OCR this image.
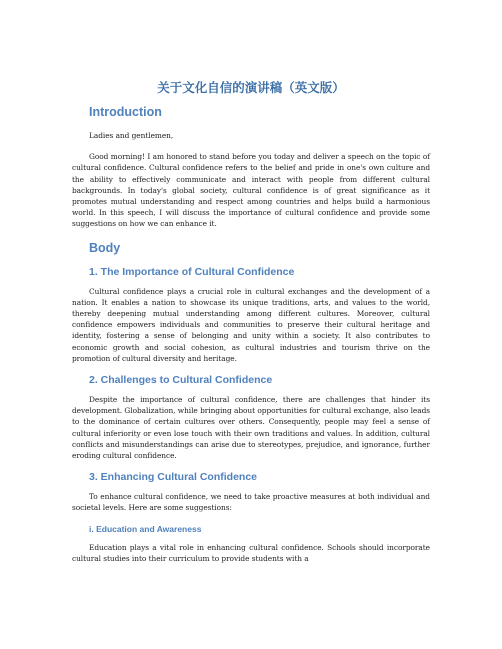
关于文化自信的演讲稿（英文版）
Introduction

Ladies and gentlemen,

Good morning! I am honored to stand before you today and deliver a speech on the topic of cultural confidence. Cultural confidence refers to the belief and pride in one's own culture and the ability to effectively communicate and interact with people from different cultural backgrounds. In today's global society, cultural confidence is of great significance as it promotes mutual understanding and respect among countries and helps build a harmonious world. In this speech, I will discuss the importance of cultural confidence and provide some suggestions on how we can enhance it.

Body
1. The Importance of Cultural Confidence

Cultural confidence plays a crucial role in cultural exchanges and the development of a nation. It enables a nation to showcase its unique traditions, arts, and values to the world, thereby deepening mutual understanding among different cultures. Moreover, cultural confidence empowers individuals and communities to preserve their cultural heritage and identity, fostering a sense of belonging and unity within a society. It also contributes to economic growth and social cohesion, as cultural industries and tourism thrive on the promotion of cultural diversity and heritage.

2. Challenges to Cultural Confidence

Despite the importance of cultural confidence, there are challenges that hinder its development. Globalization, while bringing about opportunities for cultural exchange, also leads to the dominance of certain cultures over others. Consequently, people may feel a sense of cultural inferiority or even lose touch with their own traditions and values. In addition, cultural conflicts and misunderstandings can arise due to stereotypes, prejudice, and ignorance, further eroding cultural confidence.

3. Enhancing Cultural Confidence

To enhance cultural confidence, we need to take proactive measures at both individual and societal levels. Here are some suggestions:

i. Education and Awareness

Education plays a vital role in enhancing cultural confidence. Schools should incorporate cultural studies into their curriculum to provide students with a
